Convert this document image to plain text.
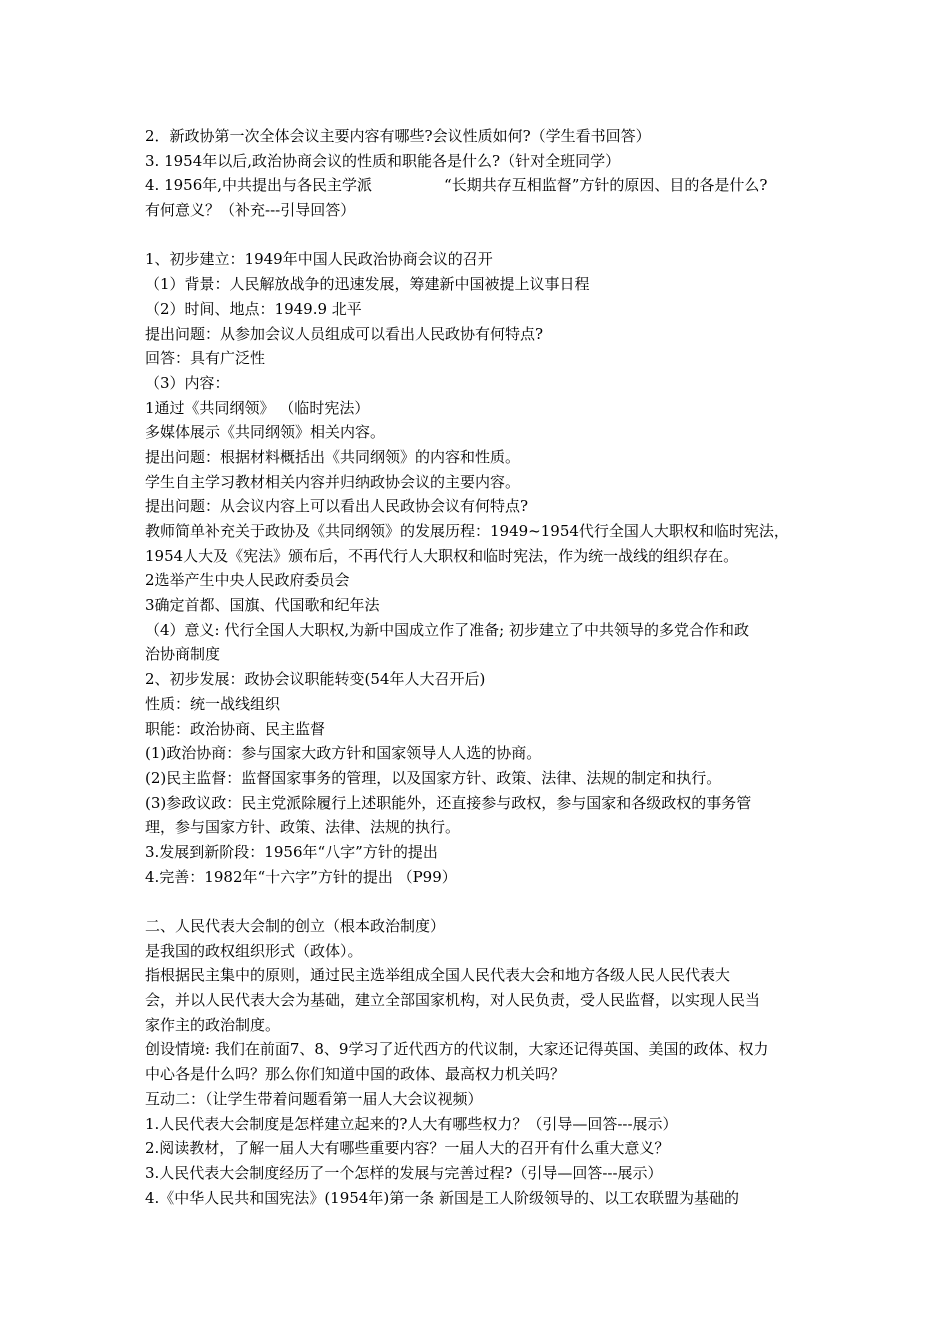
2．新政协第一次全体会议主要内容有哪些?会议性质如何?（学生看书回答）
3. 1954年以后,政治协商会议的性质和职能各是什么?（针对全班同学）
4. 1956年,中共提出与各民主学派	“长期共存互相监督”方针的原因、目的各是什么?
有何意义？（补充---引导回答）
1、初步建立：1949年中国人民政治协商会议的召开
（1）背景：人民解放战争的迅速发展，筹建新中国被提上议事日程
（2）时间、地点：1949.9 北平
提出问题：从参加会议人员组成可以看出人民政协有何特点?
回答：具有广泛性
（3）内容：
1通过《共同纲领》 （临时宪法）
多媒体展示《共同纲领》相关内容。
提出问题：根据材料概括出《共同纲领》的内容和性质。
学生自主学习教材相关内容并归纳政协会议的主要内容。
提出问题：从会议内容上可以看出人民政协会议有何特点?
教师简单补充关于政协及《共同纲领》的发展历程：1949~1954代行全国人大职权和临时宪法，
1954人大及《宪法》颁布后，不再代行人大职权和临时宪法，作为统一战线的组织存在。
2选举产生中央人民政府委员会
3确定首都、国旗、代国歌和纪年法
（4）意义: 代行全国人大职权,为新中国成立作了准备; 初步建立了中共领导的多党合作和政
治协商制度
2、初步发展：政协会议职能转变(54年人大召开后)
性质：统一战线组织
职能：政治协商、民主监督
(1)政治协商：参与国家大政方针和国家领导人人选的协商。
(2)民主监督：监督国家事务的管理，以及国家方针、政策、法律、法规的制定和执行。
(3)参政议政：民主党派除履行上述职能外，还直接参与政权，参与国家和各级政权的事务管
理，参与国家方针、政策、法律、法规的执行。
3.发展到新阶段：1956年“八字”方针的提出
4.完善：1982年“十六字”方针的提出 （P99）
二、人民代表大会制的创立（根本政治制度）
是我国的政权组织形式（政体）。
指根据民主集中的原则，通过民主选举组成全国人民代表大会和地方各级人民人民代表大
会，并以人民代表大会为基础，建立全部国家机构，对人民负责，受人民监督，以实现人民当
家作主的政治制度。
创设情境: 我们在前面7、8、9学习了近代西方的代议制，大家还记得英国、美国的政体、权力
中心各是什么吗？那么你们知道中国的政体、最高权力机关吗？
互动二：（让学生带着问题看第一届人大会议视频）
1.人民代表大会制度是怎样建立起来的?人大有哪些权力？（引导—回答---展示）
2.阅读教材，了解一届人大有哪些重要内容？一届人大的召开有什么重大意义？
3.人民代表大会制度经历了一个怎样的发展与完善过程?（引导—回答---展示）
4.《中华人民共和国宪法》(1954年)第一条 新国是工人阶级领导的、以工农联盟为基础的
